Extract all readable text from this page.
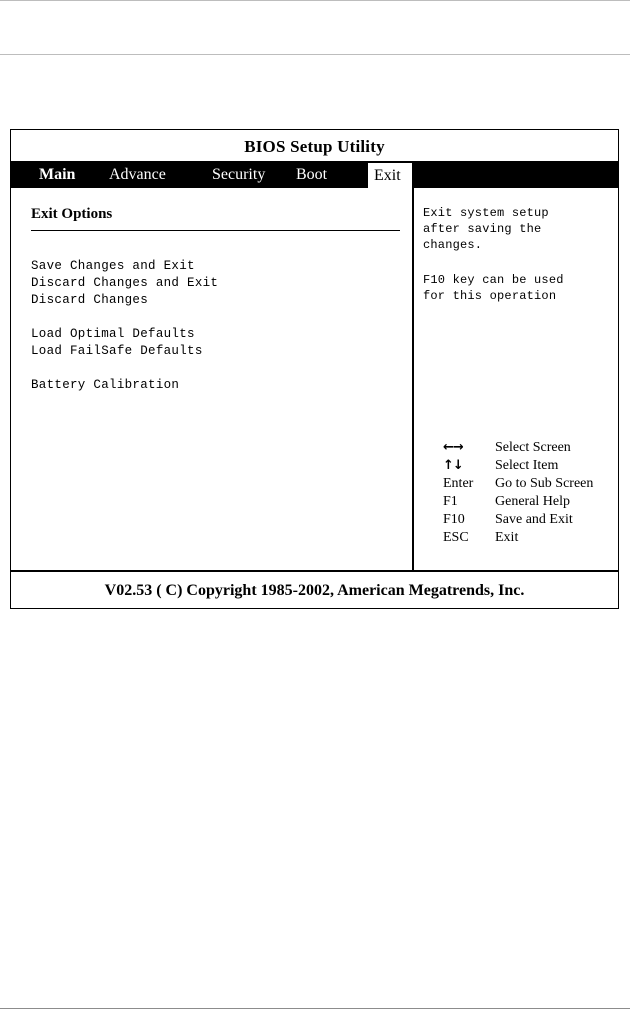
BIOS Setup Utility
Main Advance	Security Boot	Exit
Exit Options
Save Changes and Exit
Discard Changes and Exit
Discard Changes
Load Optimal Defaults
Load FailSafe Defaults
Battery Calibration
Exit system setup
after saving the
changes.
F10 key can be used
for this operation
←→ Select Screen
↑↓ Select Item
Enter Go to Sub Screen
F1	General Help
F10 Save and Exit
ESC Exit
V02.53 ( C) Copyright 1985-2002, American Megatrends, Inc.
